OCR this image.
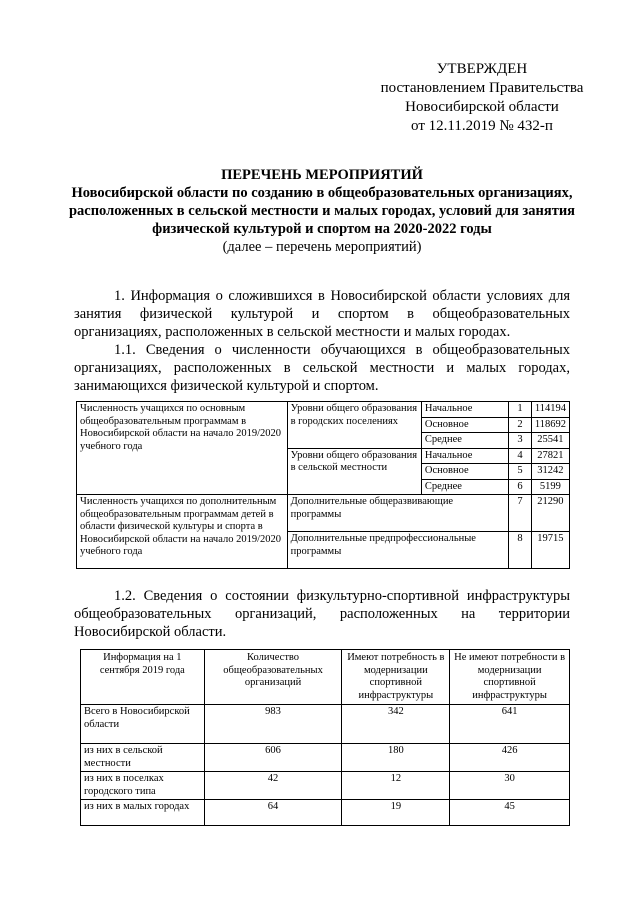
УТВЕРЖДЕН
постановлением Правительства
Новосибирской области
от 12.11.2019 № 432-п
ПЕРЕЧЕНЬ МЕРОПРИЯТИЙ
Новосибирской области по созданию в общеобразовательных организациях,
расположенных в сельской местности и малых городах, условий для занятия
физической культурой и спортом на 2020-2022 годы
(далее – перечень мероприятий)

1. Информация о сложившихся в Новосибирской области условиях для занятия физической культурой и спортом в общеобразовательных организациях, расположенных в сельской местности и малых городах.

1.1. Сведения о численности обучающихся в общеобразовательных организациях, расположенных в сельской местности и малых городах, занимающихся физической культурой и спортом.

Численность учащихся по основным общеобразовательным программам в Новосибирской области на начало 2019/2020 учебного года	Уровни общего образования в городских поселениях	Начальное	1	114194
		Основное	2	118692
		Среднее	3	25541
	Уровни общего образования в сельской местности	Начальное	4	27821
		Основное	5	31242
		Среднее	6	5199
Численность учащихся по дополнительным общеобразовательным программам детей в области физической культуры и спорта в Новосибирской области на начало 2019/2020 учебного года	Дополнительные общеразвивающие программы		7	21290
	Дополнительные предпрофессиональные программы		8	19715

1.2. Сведения о состоянии физкультурно-спортивной инфраструктуры общеобразовательных организаций, расположенных на территории Новосибирской области.

Информация на 1 сентября 2019 года	Количество общеобразовательных организаций	Имеют потребность в модернизации спортивной инфраструктуры	Не имеют потребности в модернизации спортивной инфраструктуры
Всего в Новосибирской области	983	342	641
из них в сельской местности	606	180	426
из них в поселках городского типа	42	12	30
из них в малых городах	64	19	45
